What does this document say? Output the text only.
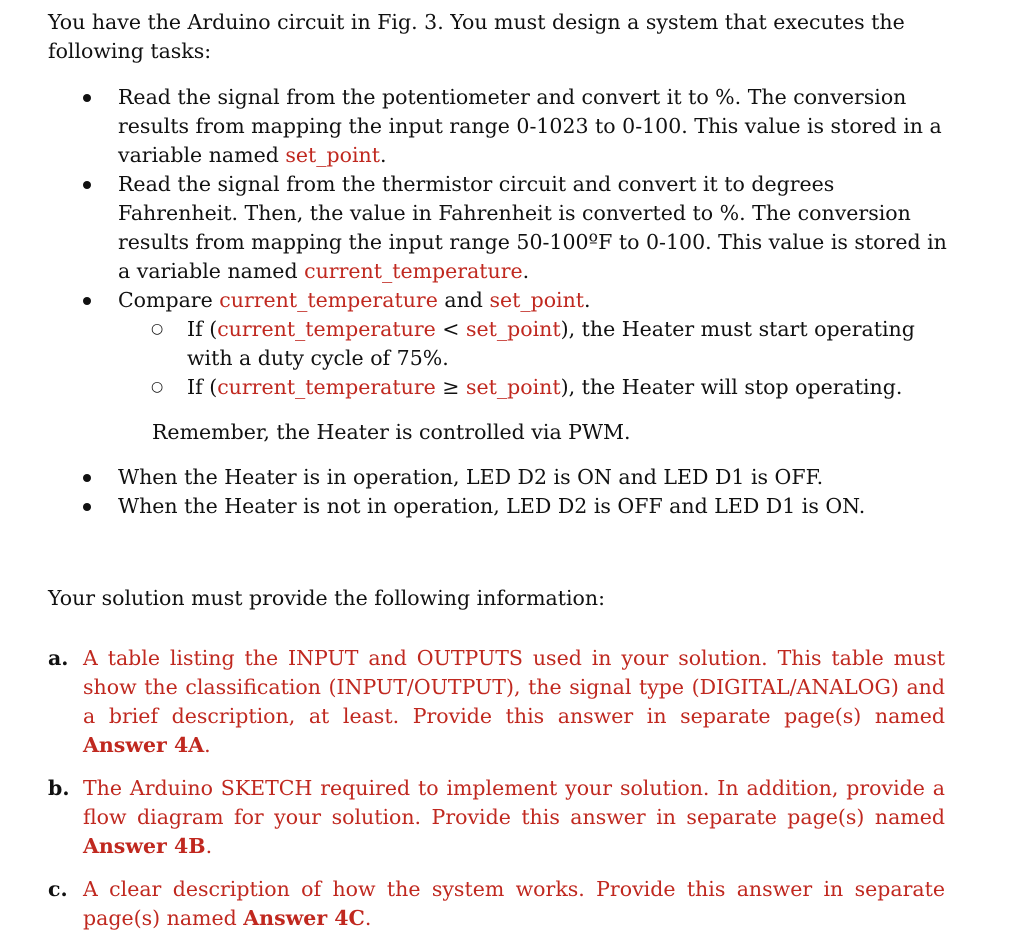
You have the Arduino circuit in Fig. 3. You must design a system that executes the following tasks:
Read the signal from the potentiometer and convert it to %. The conversion results from mapping the input range 0-1023 to 0-100. This value is stored in a variable named set_point.
Read the signal from the thermistor circuit and convert it to degrees Fahrenheit. Then, the value in Fahrenheit is converted to %. The conversion results from mapping the input range 50-100ºF to 0-100. This value is stored in a variable named current_temperature.
Compare current_temperature and set_point.
○ If (current_temperature < set_point), the Heater must start operating with a duty cycle of 75%.
○ If (current_temperature ≥ set_point), the Heater will stop operating.
Remember, the Heater is controlled via PWM.
When the Heater is in operation, LED D2 is ON and LED D1 is OFF.
When the Heater is not in operation, LED D2 is OFF and LED D1 is ON.
Your solution must provide the following information:
a. A table listing the INPUT and OUTPUTS used in your solution. This table must show the classification (INPUT/OUTPUT), the signal type (DIGITAL/ANALOG) and a brief description, at least. Provide this answer in separate page(s) named Answer 4A.
b. The Arduino SKETCH required to implement your solution. In addition, provide a flow diagram for your solution. Provide this answer in separate page(s) named Answer 4B.
c. A clear description of how the system works. Provide this answer in separate page(s) named Answer 4C.
